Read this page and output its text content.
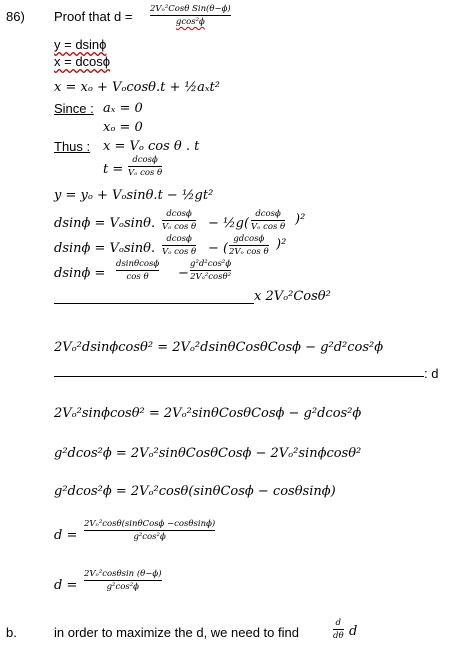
86) Proof that d = 2Vₒ²Cosθ Sin(θ−ϕ)
gcos²ϕ
y = dsinϕ
x = dcosϕ
x = xₒ + Vₒcosθ.t + ½aₓt²
Since : aₓ = 0
xₒ = 0
Thus : x = Vₒ cos θ . t
t =
dcosϕ
Vₒ cos θ
y = yₒ + Vₒsinθ.t − ½gt²
dsinϕ = Vₒsinθ.
dcosϕ
Vₒ cos θ − ½g(
dcosϕ
Vₒ cos θ )²
dsinϕ = Vₒsinθ.
dcosϕ
Vₒ cos θ − (
gdcosϕ
2Vₒ cos θ )²
dsinϕ =
dsinθcosϕ
cos θ −
g²d²cos²ϕ
2Vₒ²cosθ²
x 2Vₒ²Cosθ²
2Vₒ²dsinϕcosθ² = 2Vₒ²dsinθCosθCosϕ − g²d²cos²ϕ
: d
2Vₒ²sinϕcosθ² = 2Vₒ²sinθCosθCosϕ − g²dcos²ϕ
g²dcos²ϕ = 2Vₒ²sinθCosθCosϕ − 2Vₒ²sinϕcosθ²
g²dcos²ϕ = 2Vₒ²cosθ(sinθCosϕ − cosθsinϕ)
d =
2Vₒ²cosθ(sinθCosϕ −cosθsinϕ)
g²cos²ϕ
d =
2Vₒ²cosθsin (θ−ϕ)
g²cos²ϕ
b.	in order to maximize the d, we need to find
d
dθ d
